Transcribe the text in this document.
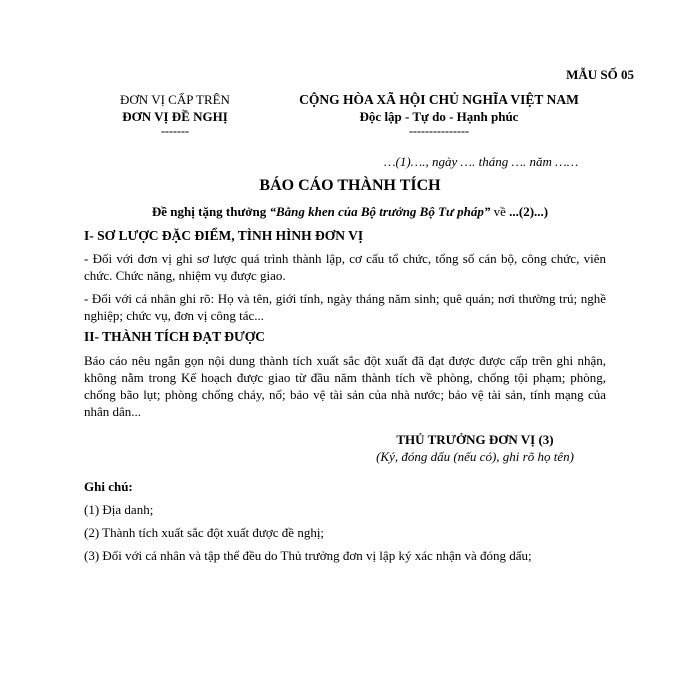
MẪU SỐ 05
ĐƠN VỊ CẤP TRÊN
ĐƠN VỊ ĐỀ NGHỊ
-------
CỘNG HÒA XÃ HỘI CHỦ NGHĨA VIỆT NAM
Độc lập - Tự do - Hạnh phúc
---------------
…(1)…., ngày …. tháng …. năm ……
BÁO CÁO THÀNH TÍCH
Đề nghị tặng thưởng “Bằng khen của Bộ trưởng Bộ Tư pháp” về ...(2)...)
I- SƠ LƯỢC ĐẶC ĐIỂM, TÌNH HÌNH ĐƠN VỊ
- Đối với đơn vị ghi sơ lược quá trình thành lập, cơ cấu tổ chức, tổng số cán bộ, công chức, viên chức. Chức năng, nhiệm vụ được giao.
- Đối với cá nhân ghi rõ: Họ và tên, giới tính, ngày tháng năm sinh; quê quán; nơi thường trú; nghề nghiệp; chức vụ, đơn vị công tác...
II- THÀNH TÍCH ĐẠT ĐƯỢC
Báo cáo nêu ngắn gọn nội dung thành tích xuất sắc đột xuất đã đạt được được cấp trên ghi nhận, không nằm trong Kế hoạch được giao từ đầu năm thành tích về phòng, chống tội phạm; phòng, chống bão lụt; phòng chống cháy, nổ; bảo vệ tài sản của nhà nước; bảo vệ tài sản, tính mạng của nhân dân...
THỦ TRƯỞNG ĐƠN VỊ (3)
(Ký, đóng dấu (nếu có), ghi rõ họ tên)
Ghi chú:
(1) Địa danh;
(2) Thành tích xuất sắc đột xuất được đề nghị;
(3) Đối với cá nhân và tập thể đều do Thủ trưởng đơn vị lập ký xác nhận và đóng dấu;
